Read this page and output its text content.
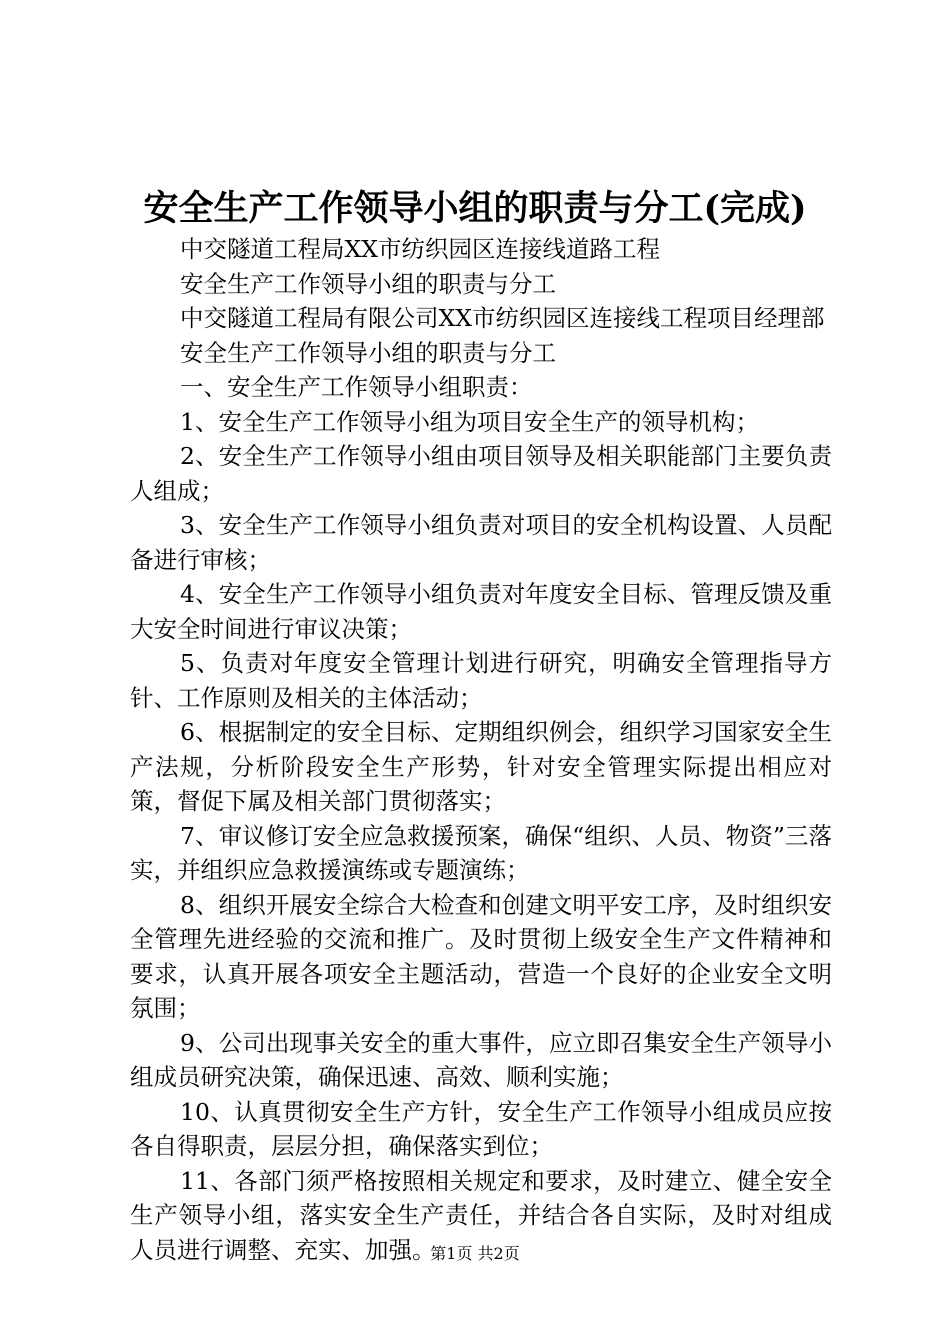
安全生产工作领导小组的职责与分工(完成)

中交隧道工程局XX市纺织园区连接线道路工程

安全生产工作领导小组的职责与分工

中交隧道工程局有限公司XX市纺织园区连接线工程项目经理部

安全生产工作领导小组的职责与分工

一、安全生产工作领导小组职责：

1、安全生产工作领导小组为项目安全生产的领导机构；

2、安全生产工作领导小组由项目领导及相关职能部门主要负责人组成；

3、安全生产工作领导小组负责对项目的安全机构设置、人员配备进行审核；

4、安全生产工作领导小组负责对年度安全目标、管理反馈及重大安全时间进行审议决策；

5、负责对年度安全管理计划进行研究，明确安全管理指导方针、工作原则及相关的主体活动；

6、根据制定的安全目标、定期组织例会，组织学习国家安全生产法规，分析阶段安全生产形势，针对安全管理实际提出相应对策，督促下属及相关部门贯彻落实；

7、审议修订安全应急救援预案，确保“组织、人员、物资”三落实，并组织应急救援演练或专题演练；

8、组织开展安全综合大检查和创建文明平安工序，及时组织安全管理先进经验的交流和推广。及时贯彻上级安全生产文件精神和要求，认真开展各项安全主题活动，营造一个良好的企业安全文明氛围；

9、公司出现事关安全的重大事件，应立即召集安全生产领导小组成员研究决策，确保迅速、高效、顺利实施；

10、认真贯彻安全生产方针，安全生产工作领导小组成员应按各自得职责，层层分担，确保落实到位；

11、各部门须严格按照相关规定和要求，及时建立、健全安全生产领导小组，落实安全生产责任，并结合各自实际，及时对组成人员进行调整、充实、加强。

第1页 共2页
